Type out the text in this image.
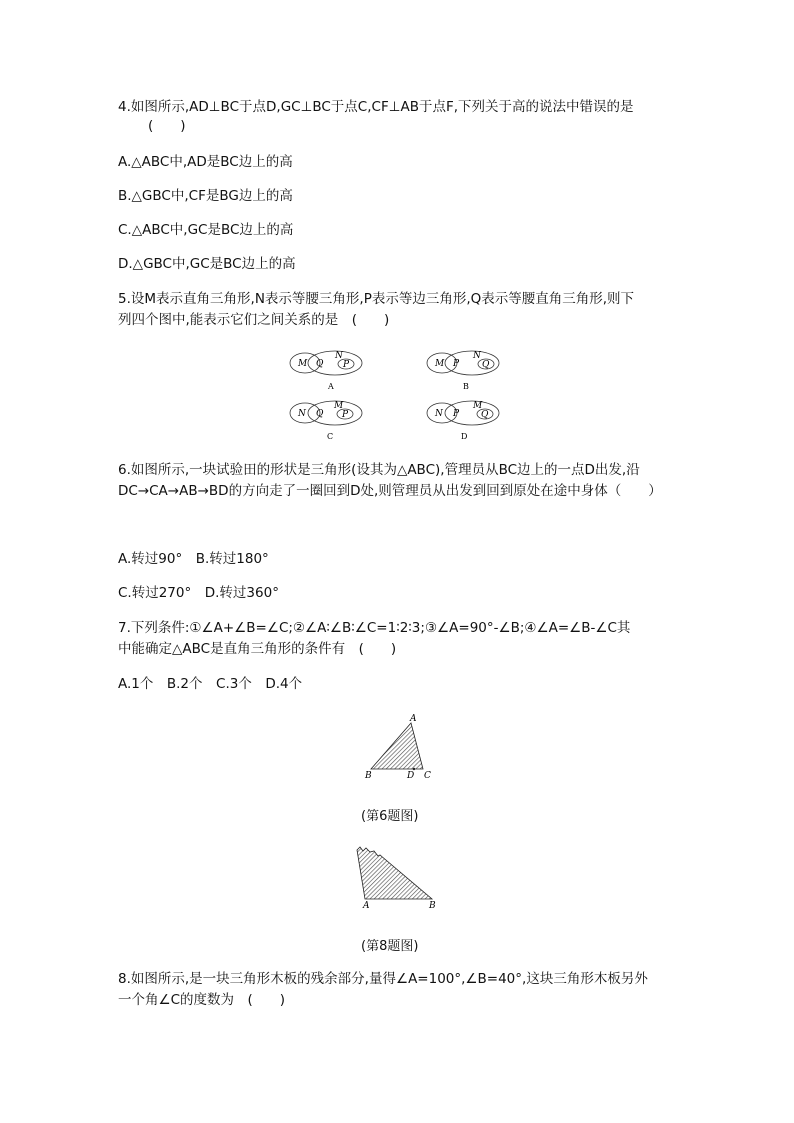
4.如图所示,AD⊥BC于点D,GC⊥BC于点C,CF⊥AB于点F,下列关于高的说法中错误的是
(　　)
A.△ABC中,AD是BC边上的高
B.△GBC中,CF是BG边上的高
C.△ABC中,GC是BC边上的高
D.△GBC中,GC是BC边上的高
5.设M表示直角三角形,N表示等腰三角形,P表示等边三角形,Q表示等腰直角三角形,则下
列四个图中,能表示它们之间关系的是　(　　)
M Q
N
P
A
M P
N
Q
B
N Q
M
P
C
N P
M
Q
D
6.如图所示,一块试验田的形状是三角形(设其为△ABC),管理员从BC边上的一点D出发,沿
DC→CA→AB→BD的方向走了一圈回到D处,则管理员从出发到回到原处在途中身体（　　）
A.转过90°　B.转过180°
C.转过270°　D.转过360°
7.下列条件:①∠A+∠B=∠C;②∠A∶∠B∶∠C=1∶2∶3;③∠A=90°-∠B;④∠A=∠B-∠C其
中能确定△ABC是直角三角形的条件有　(　　)
A.1个　B.2个　C.3个　D.4个
A
B	D C
(第6题图)
A	B
(第8题图)
8.如图所示,是一块三角形木板的残余部分,量得∠A=100°,∠B=40°,这块三角形木板另外
一个角∠C的度数为　(　　)
